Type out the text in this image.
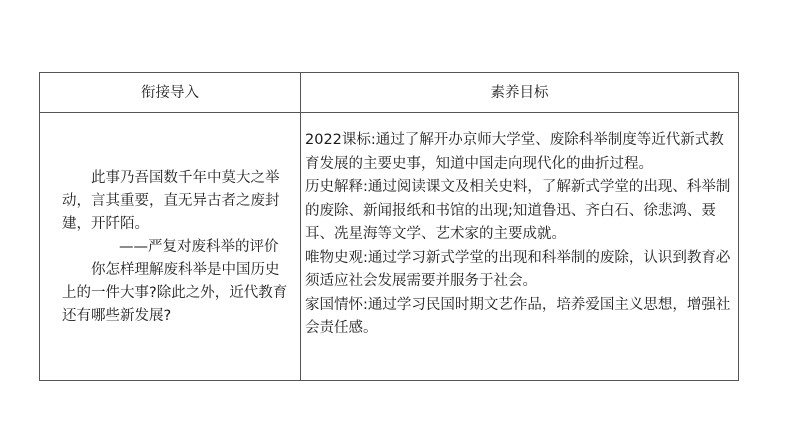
衔接导入	素养目标

此事乃吾国数千年中莫大之举动，言其重要，直无异古者之废封建，开阡陌。

——严复对废科举的评价

你怎样理解废科举是中国历史上的一件大事?除此之外，近代教育还有哪些新发展?

2022课标:通过了解开办京师大学堂、废除科举制度等近代新式教育发展的主要史事，知道中国走向现代化的曲折过程。

历史解释:通过阅读课文及相关史料，了解新式学堂的出现、科举制的废除、新闻报纸和书馆的出现;知道鲁迅、齐白石、徐悲鸿、聂耳、冼星海等文学、艺术家的主要成就。

唯物史观:通过学习新式学堂的出现和科举制的废除，认识到教育必须适应社会发展需要并服务于社会。

家国情怀:通过学习民国时期文艺作品，培养爱国主义思想，增强社会责任感。
